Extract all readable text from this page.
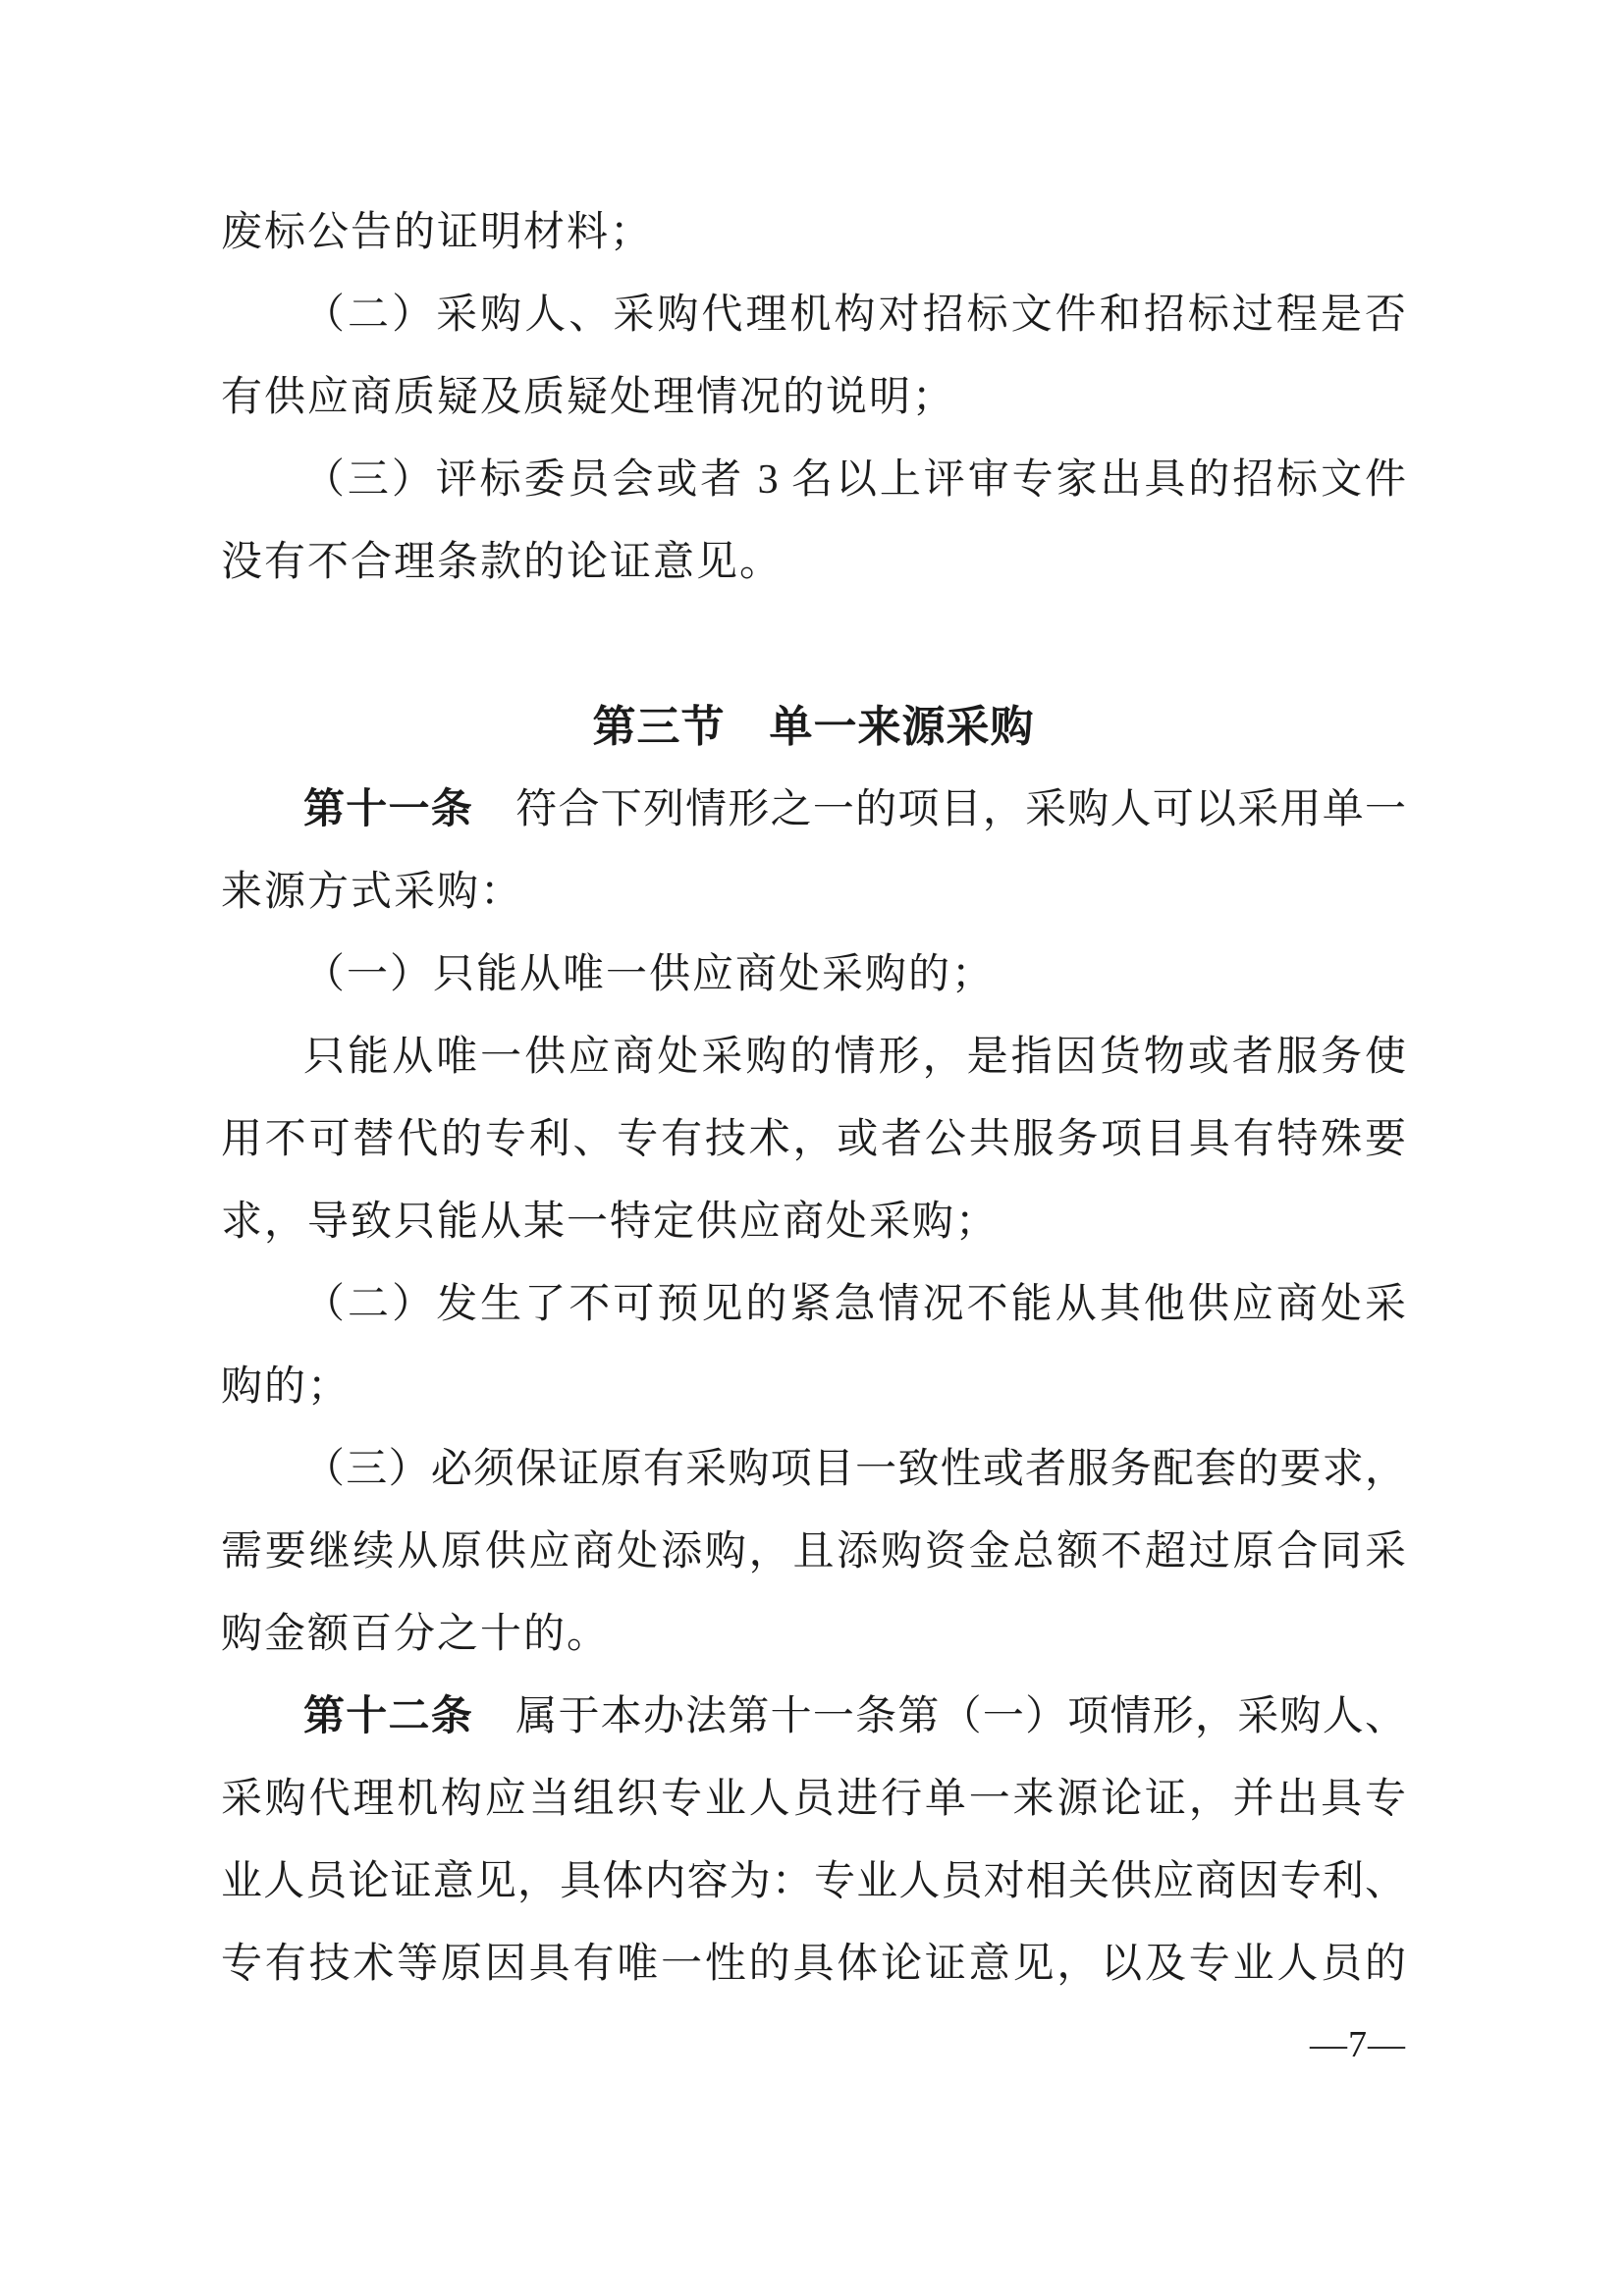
废标公告的证明材料；
（二）采购人、采购代理机构对招标文件和招标过程是否
有供应商质疑及质疑处理情况的说明；
（三）评标委员会或者 3 名以上评审专家出具的招标文件
没有不合理条款的论证意见。
第三节　单一来源采购
第十一条　符合下列情形之一的项目，采购人可以采用单一
来源方式采购：
（一）只能从唯一供应商处采购的；
只能从唯一供应商处采购的情形，是指因货物或者服务使
用不可替代的专利、专有技术，或者公共服务项目具有特殊要
求，导致只能从某一特定供应商处采购；
（二）发生了不可预见的紧急情况不能从其他供应商处采
购的；
（三）必须保证原有采购项目一致性或者服务配套的要求，
需要继续从原供应商处添购，且添购资金总额不超过原合同采
购金额百分之十的。
第十二条　属于本办法第十一条第（一）项情形，采购人、
采购代理机构应当组织专业人员进行单一来源论证，并出具专
业人员论证意见，具体内容为：专业人员对相关供应商因专利、
专有技术等原因具有唯一性的具体论证意见，以及专业人员的
—7—
